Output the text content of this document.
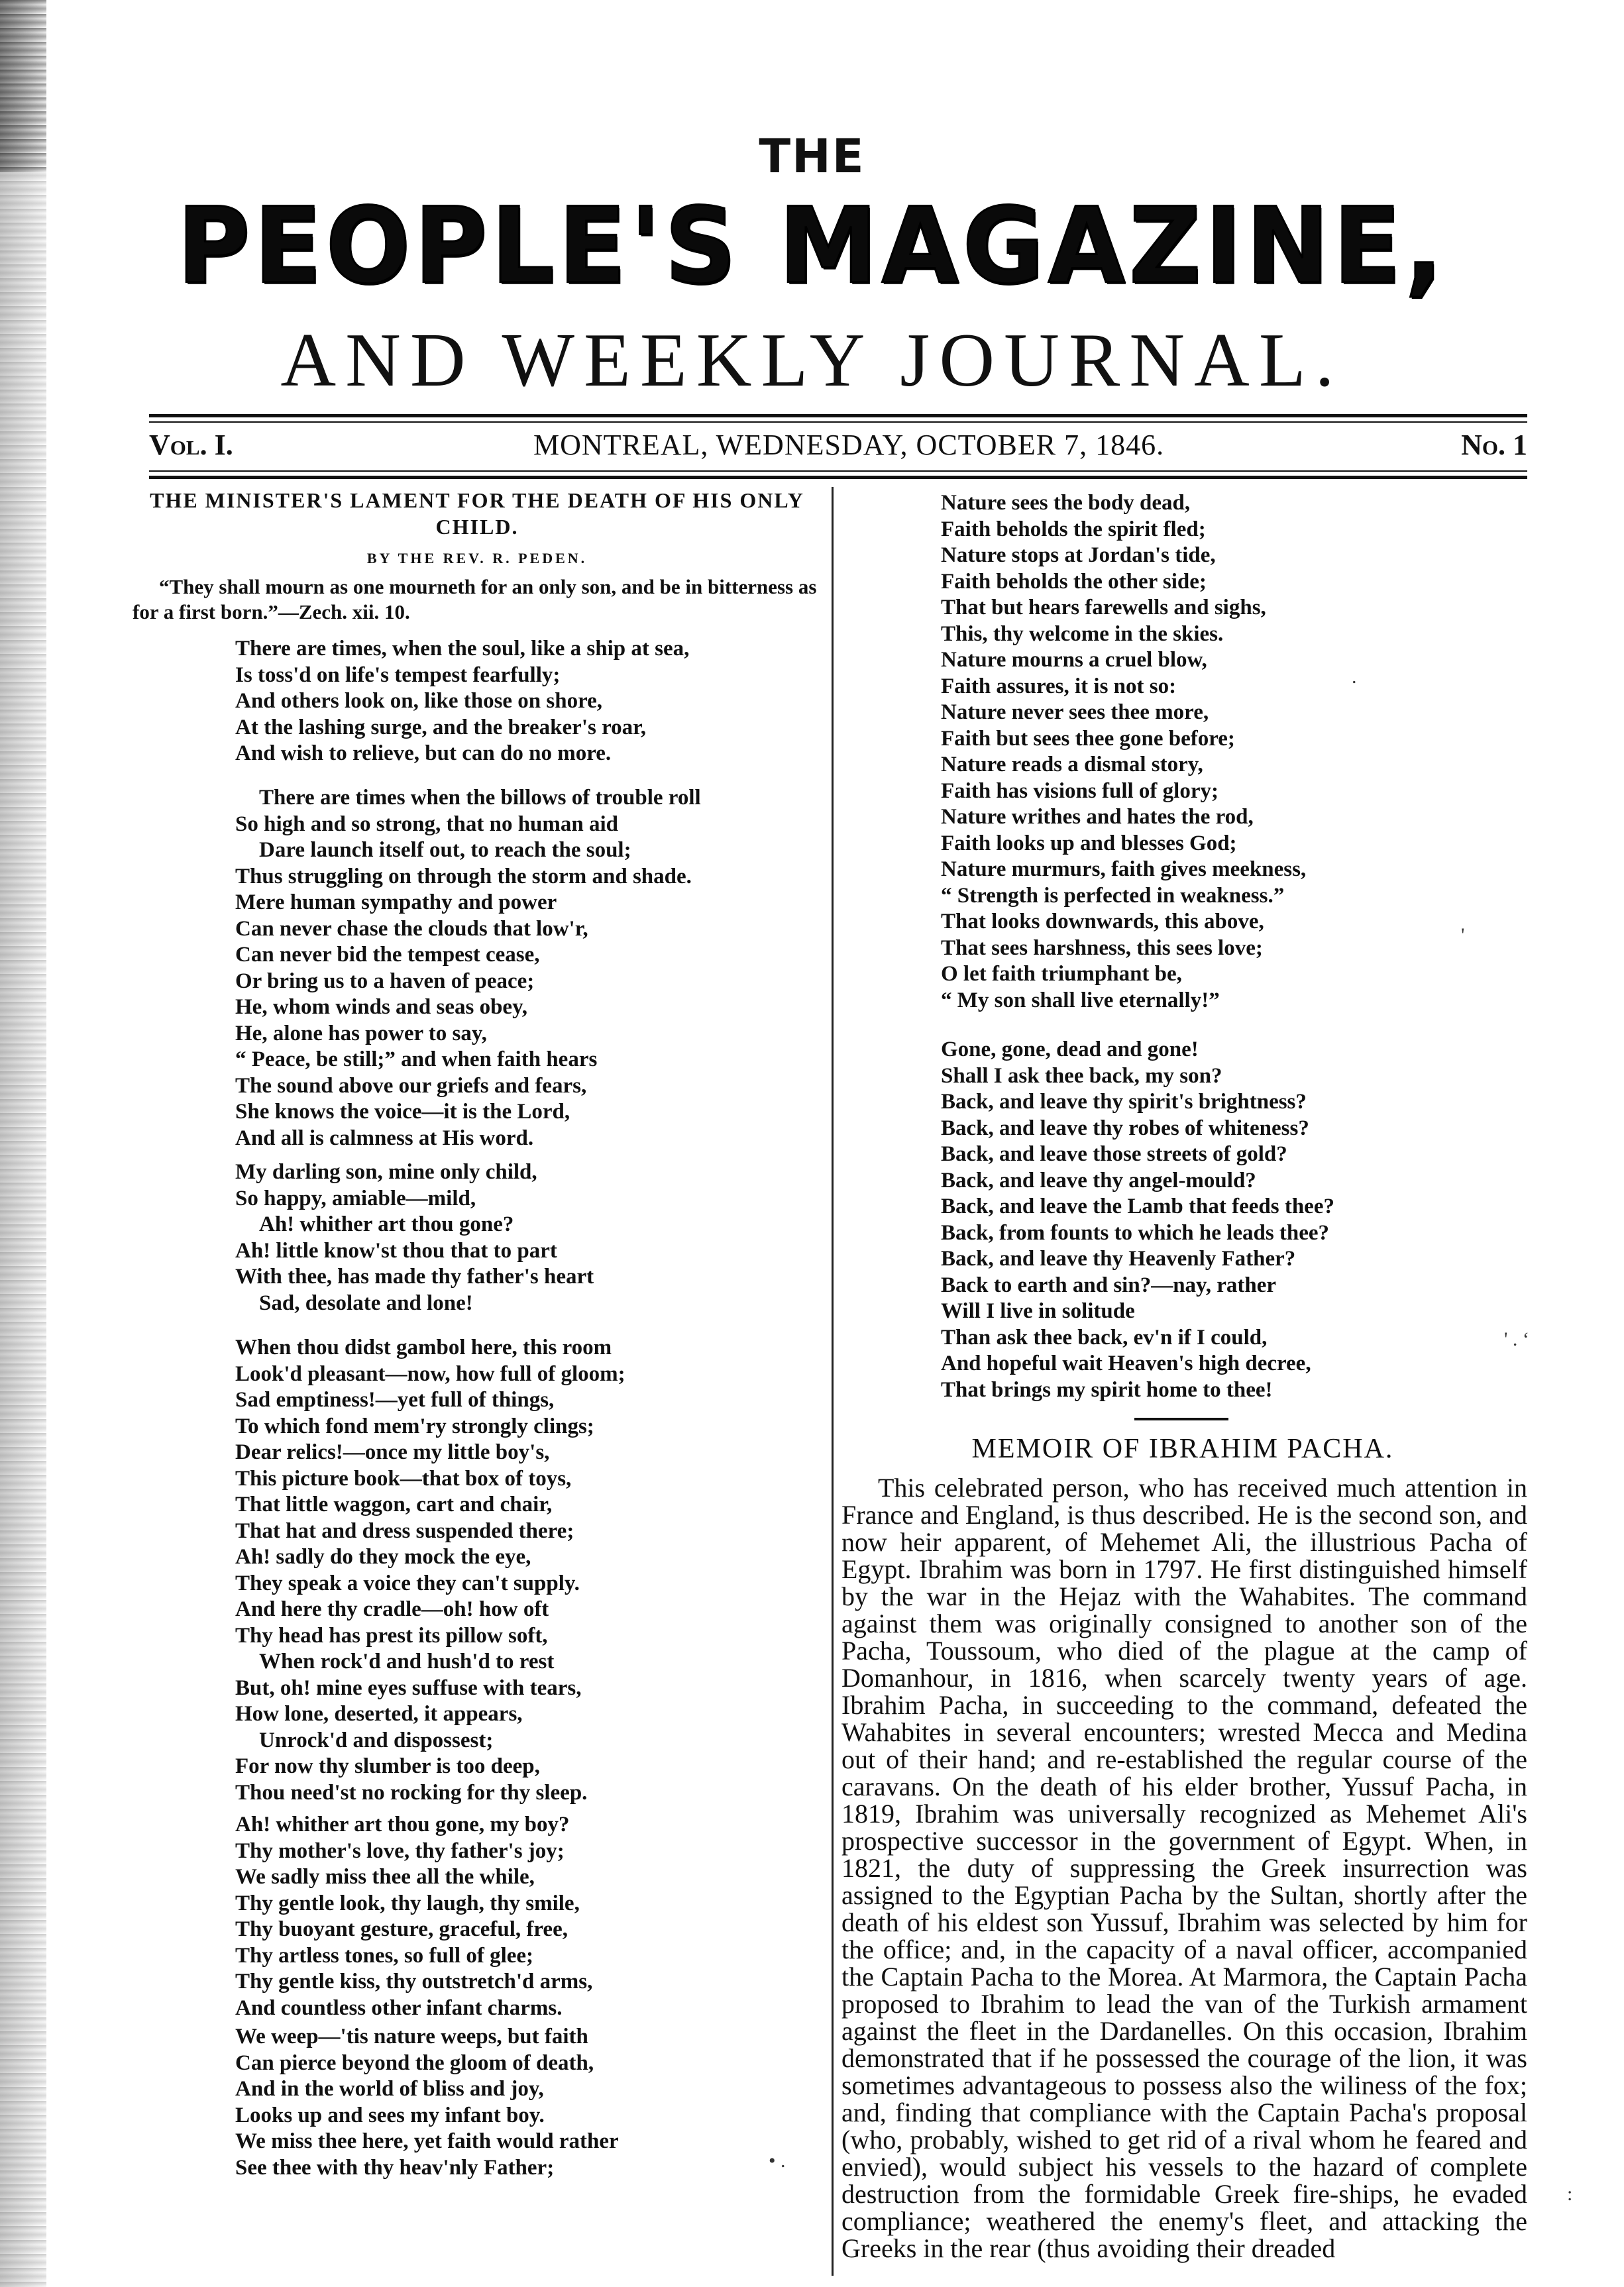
THE
PEOPLE'S MAGAZINE,
AND WEEKLY JOURNAL.
Vol. I.	MONTREAL, WEDNESDAY, OCTOBER 7, 1846.	No. 1
THE MINISTER'S LAMENT FOR THE DEATH OF HIS ONLY CHILD.
BY THE REV. R. PEDEN.
“They shall mourn as one mourneth for an only son, and be in bitterness as for a first born.”—Zech. xii. 10.
There are times, when the soul, like a ship at sea,
Is toss'd on life's tempest fearfully;
And others look on, like those on shore,
At the lashing surge, and the breaker's roar,
And wish to relieve, but can do no more.
There are times when the billows of trouble roll
So high and so strong, that no human aid
Dare launch itself out, to reach the soul;
Thus struggling on through the storm and shade.
Mere human sympathy and power
Can never chase the clouds that low'r,
Can never bid the tempest cease,
Or bring us to a haven of peace;
He, whom winds and seas obey,
He, alone has power to say,
“ Peace, be still;” and when faith hears
The sound above our griefs and fears,
She knows the voice—it is the Lord,
And all is calmness at His word.
My darling son, mine only child,
So happy, amiable—mild,
Ah! whither art thou gone?
Ah! little know'st thou that to part
With thee, has made thy father's heart
Sad, desolate and lone!
When thou didst gambol here, this room
Look'd pleasant—now, how full of gloom;
Sad emptiness!—yet full of things,
To which fond mem'ry strongly clings;
Dear relics!—once my little boy's,
This picture book—that box of toys,
That little waggon, cart and chair,
That hat and dress suspended there;
Ah! sadly do they mock the eye,
They speak a voice they can't supply.
And here thy cradle—oh! how oft
Thy head has prest its pillow soft,
When rock'd and hush'd to rest
But, oh! mine eyes suffuse with tears,
How lone, deserted, it appears,
Unrock'd and dispossest;
For now thy slumber is too deep,
Thou need'st no rocking for thy sleep.
Ah! whither art thou gone, my boy?
Thy mother's love, thy father's joy;
We sadly miss thee all the while,
Thy gentle look, thy laugh, thy smile,
Thy buoyant gesture, graceful, free,
Thy artless tones, so full of glee;
Thy gentle kiss, thy outstretch'd arms,
And countless other infant charms.
We weep—'tis nature weeps, but faith
Can pierce beyond the gloom of death,
And in the world of bliss and joy,
Looks up and sees my infant boy.
We miss thee here, yet faith would rather
See thee with thy heav'nly Father;
Nature sees the body dead,
Faith beholds the spirit fled;
Nature stops at Jordan's tide,
Faith beholds the other side;
That but hears farewells and sighs,
This, thy welcome in the skies.
Nature mourns a cruel blow,
Faith assures, it is not so:
Nature never sees thee more,
Faith but sees thee gone before;
Nature reads a dismal story,
Faith has visions full of glory;
Nature writhes and hates the rod,
Faith looks up and blesses God;
Nature murmurs, faith gives meekness,
“ Strength is perfected in weakness.”
That looks downwards, this above,
That sees harshness, this sees love;
O let faith triumphant be,
“ My son shall live eternally!”
Gone, gone, dead and gone!
Shall I ask thee back, my son?
Back, and leave thy spirit's brightness?
Back, and leave thy robes of whiteness?
Back, and leave those streets of gold?
Back, and leave thy angel-mould?
Back, and leave the Lamb that feeds thee?
Back, from founts to which he leads thee?
Back, and leave thy Heavenly Father?
Back to earth and sin?—nay, rather
Will I live in solitude
Than ask thee back, ev'n if I could,
And hopeful wait Heaven's high decree,
That brings my spirit home to thee!
MEMOIR OF IBRAHIM PACHA.

This celebrated person, who has received much attention in France and England, is thus described. He is the second son, and now heir apparent, of Mehemet Ali, the illustrious Pacha of Egypt. Ibrahim was born in 1797. He first distinguished himself by the war in the Hejaz with the Wahabites. The command against them was originally consigned to another son of the Pacha, Toussoum, who died of the plague at the camp of Domanhour, in 1816, when scarcely twenty years of age. Ibrahim Pacha, in succeeding to the command, defeated the Wahabites in several encounters; wrested Mecca and Medina out of their hand; and re-established the regular course of the caravans. On the death of his elder brother, Yussuf Pacha, in 1819, Ibrahim was universally recognized as Mehemet Ali's prospective successor in the government of Egypt. When, in 1821, the duty of suppressing the Greek insurrection was assigned to the Egyptian Pacha by the Sultan, shortly after the death of his eldest son Yussuf, Ibrahim was selected by him for the office; and, in the capacity of a naval officer, accompanied the Captain Pacha to the Morea. At Marmora, the Captain Pacha proposed to Ibrahim to lead the van of the Turkish armament against the fleet in the Dardanelles. On this occasion, Ibrahim demonstrated that if he possessed the courage of the lion, it was sometimes advantageous to possess also the wiliness of the fox; and, finding that compliance with the Captain Pacha's proposal (who, probably, wished to get rid of a rival whom he feared and envied), would subject his vessels to the hazard of complete destruction from the formidable Greek fire-ships, he evaded compliance; weathered the enemy's fleet, and attacking the Greeks in the rear (thus avoiding their dreaded

.
'
' . ‘
• .
:
